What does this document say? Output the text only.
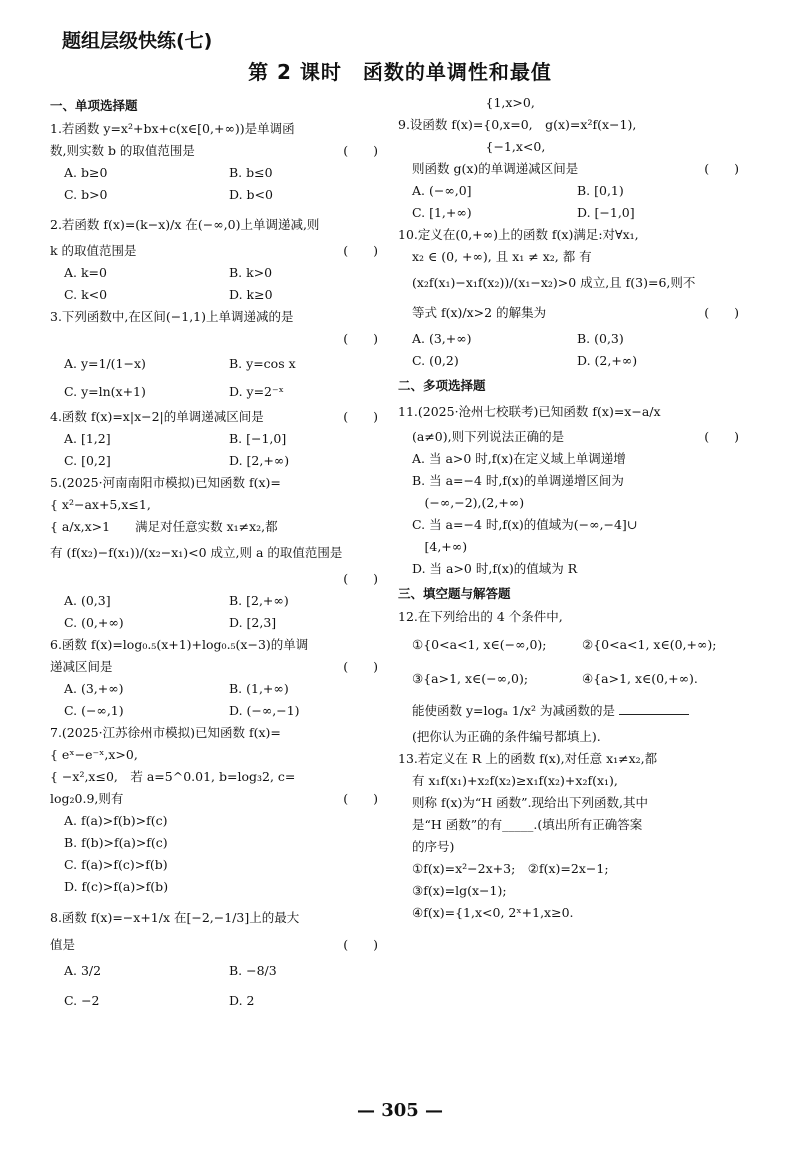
题组层级快练(七)
第 2 课时　函数的单调性和最值
一、单项选择题
1.若函数 y=x²+bx+c(x∈[0,+∞))是单调函
数,则实数 b 的取值范围是	(　　)
A. b≥0	B. b≤0
C. b>0	D. b<0
2.若函数 f(x)=(k−x)/x 在(−∞,0)上单调递减,则
k 的取值范围是	(　　)
A. k=0	B. k>0
C. k<0	D. k≥0
3.下列函数中,在区间(−1,1)上单调递减的是
(　　)

A. y=1/(1−x)	B. y=cos x
C. y=ln(x+1)	D. y=2⁻ˣ
4.函数 f(x)=x|x−2|的单调递减区间是	(　　)
A. [1,2]	B. [−1,0]
C. [0,2]	D. [2,+∞)
5.(2025·河南南阳市模拟)已知函数 f(x)=
{ x²−ax+5,x≤1,
{ a/x,x>1　　满足对任意实数 x₁≠x₂,都
有 (f(x₂)−f(x₁))/(x₂−x₁)<0 成立,则 a 的取值范围是
(　　)

A. (0,3]	B. [2,+∞)
C. (0,+∞)	D. [2,3]
6.函数 f(x)=log₀.₅(x+1)+log₀.₅(x−3)的单调
递减区间是	(　　)
A. (3,+∞)	B. (1,+∞)
C. (−∞,1)	D. (−∞,−1)
7.(2025·江苏徐州市模拟)已知函数 f(x)=
{ eˣ−e⁻ˣ,x>0,
{ −x²,x≤0,　若 a=5^0.01, b=log₃2, c=
log₂0.9,则有	(　　)
A. f(a)>f(b)>f(c)
B. f(b)>f(a)>f(c)
C. f(a)>f(c)>f(b)
D. f(c)>f(a)>f(b)
8.函数 f(x)=−x+1/x 在[−2,−1/3]上的最大
值是	(　　)
A. 3/2	B. −8/3
C. −2	D. 2
　　　　　　　{1,x>0,
9.设函数 f(x)={0,x=0,　g(x)=x²f(x−1),
　　　　　　　{−1,x<0,
则函数 g(x)的单调递减区间是	(　　)
A. (−∞,0]	B. [0,1)
C. [1,+∞)	D. [−1,0]
10.定义在(0,+∞)上的函数 f(x)满足:对∀x₁,
x₂ ∈ (0, +∞), 且 x₁ ≠ x₂, 都 有
(x₂f(x₁)−x₁f(x₂))/(x₁−x₂)>0 成立,且 f(3)=6,则不
等式 f(x)/x>2 的解集为	(　　)
A. (3,+∞)	B. (0,3)
C. (0,2)	D. (2,+∞)
二、多项选择题
11.(2025·沧州七校联考)已知函数 f(x)=x−a/x
(a≠0),则下列说法正确的是	(　　)
A. 当 a>0 时,f(x)在定义域上单调递增
B. 当 a=−4 时,f(x)的单调递增区间为
　(−∞,−2),(2,+∞)
C. 当 a=−4 时,f(x)的值域为(−∞,−4]∪
　[4,+∞)
D. 当 a>0 时,f(x)的值域为 R
三、填空题与解答题
12.在下列给出的 4 个条件中,
①{0<a<1, x∈(−∞,0);	②{0<a<1, x∈(0,+∞);
③{a>1, x∈(−∞,0);	④{a>1, x∈(0,+∞).
能使函数 y=logₐ 1/x² 为减函数的是
(把你认为正确的条件编号都填上).
13.若定义在 R 上的函数 f(x),对任意 x₁≠x₂,都
有 x₁f(x₁)+x₂f(x₂)≥x₁f(x₂)+x₂f(x₁),
则称 f(x)为“H 函数”.现给出下列函数,其中
是“H 函数”的有_____.(填出所有正确答案
的序号)
①f(x)=x²−2x+3;　②f(x)=2x−1;
③f(x)=lg(x−1);
④f(x)={1,x<0, 2ˣ+1,x≥0.
— 305 —
